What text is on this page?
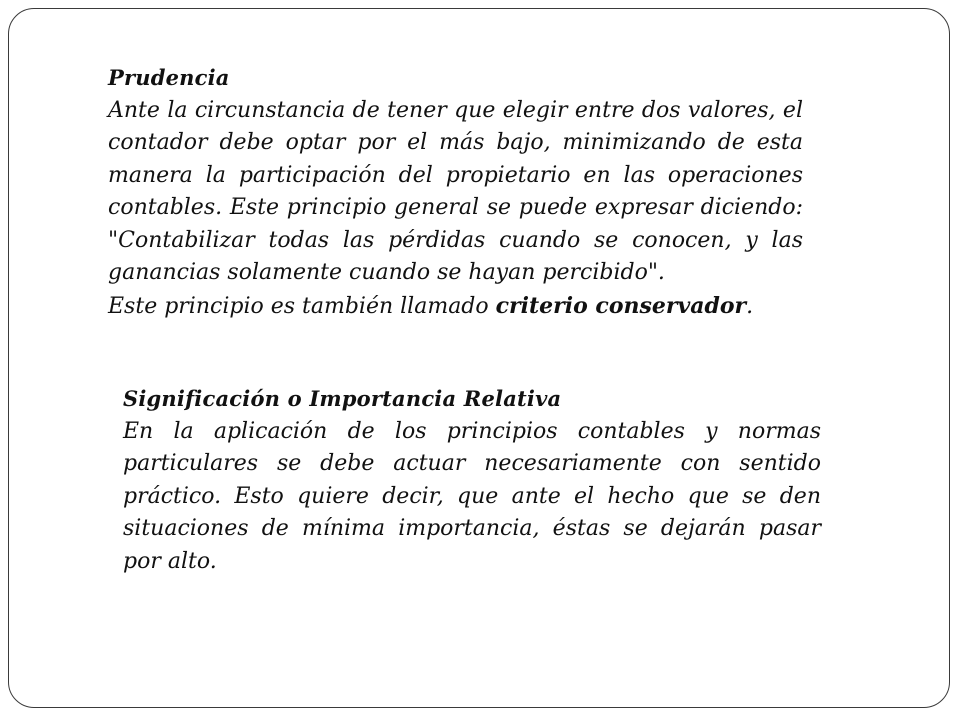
Prudencia

Ante la circunstancia de tener que elegir entre dos valores, el contador debe optar por el más bajo, minimizando de esta manera la participación del propietario en las operaciones contables. Este principio general se puede expresar diciendo: "Contabilizar todas las pérdidas cuando se conocen, y las ganancias solamente cuando se hayan percibido".

Este principio es también llamado criterio conservador.

Significación o Importancia Relativa

En la aplicación de los principios contables y normas particulares se debe actuar necesariamente con sentido práctico. Esto quiere decir, que ante el hecho que se den situaciones de mínima importancia, éstas se dejarán pasar por alto.
